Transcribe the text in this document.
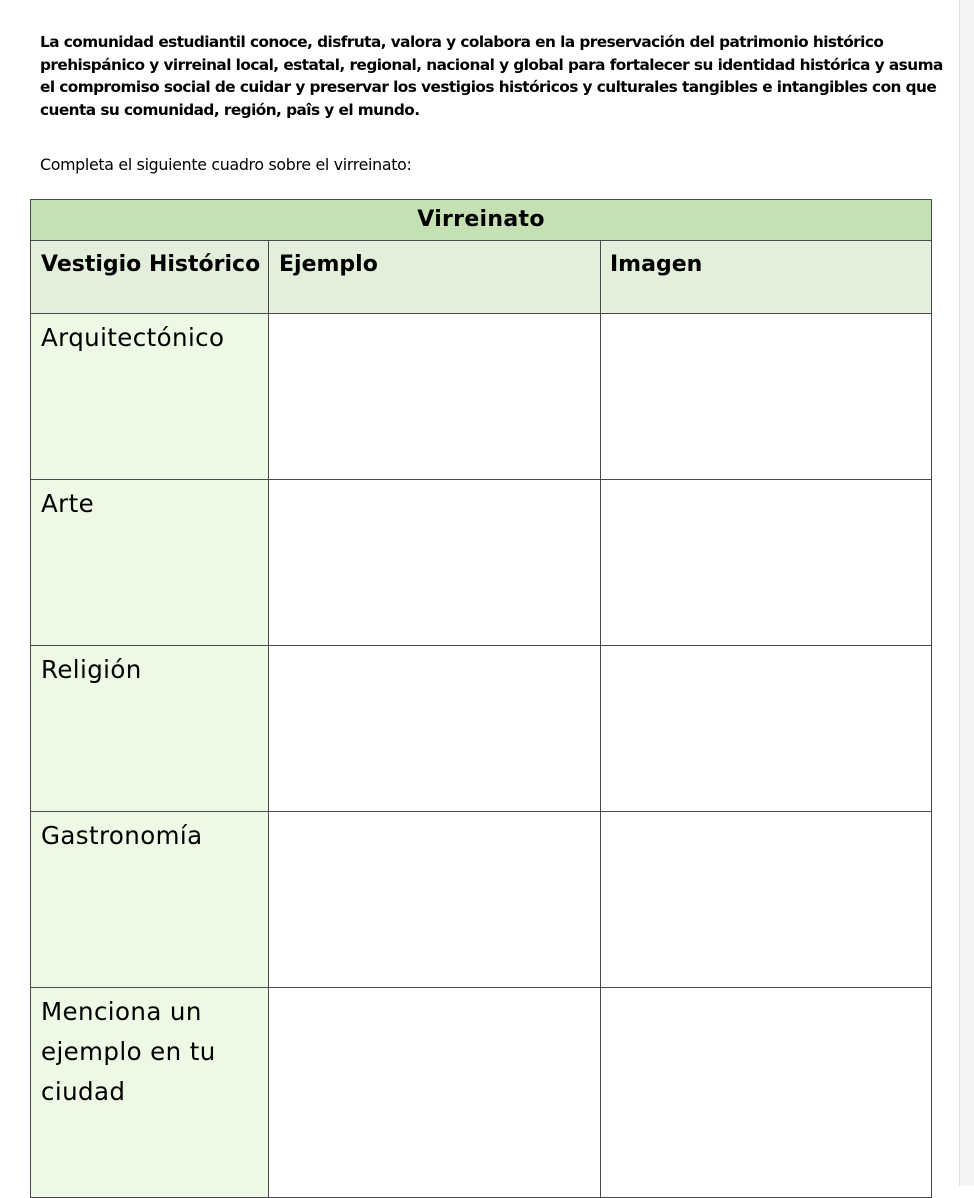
La comunidad estudiantil conoce, disfruta, valora y colabora en la preservación del patrimonio histórico prehispánico y virreinal local, estatal, regional, nacional y global para fortalecer su identidad histórica y asuma el compromiso social de cuidar y preservar los vestigios históricos y culturales tangibles e intangibles con que cuenta su comunidad, región, paîs y el mundo.

Completa el siguiente cuadro sobre el virreinato:

Virreinato		
Vestigio Histórico	Ejemplo	Imagen
Arquitectónico		
Arte		
Religión		
Gastronomía		
Menciona un ejemplo en tu ciudad		
